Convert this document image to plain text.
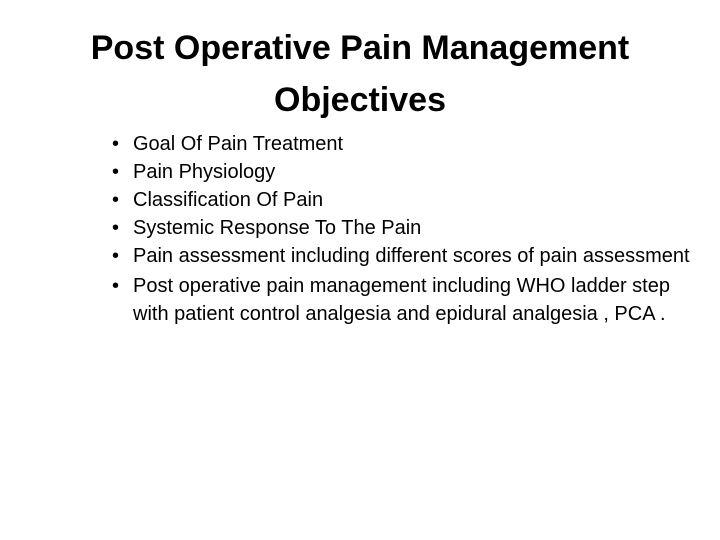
Post Operative Pain Management
Objectives
• Goal Of Pain Treatment
• Pain Physiology
• Classification Of Pain
• Systemic Response To The Pain
• Pain assessment including different scores of pain assessment
• Post operative pain management including WHO ladder step with patient control analgesia and epidural analgesia , PCA .
